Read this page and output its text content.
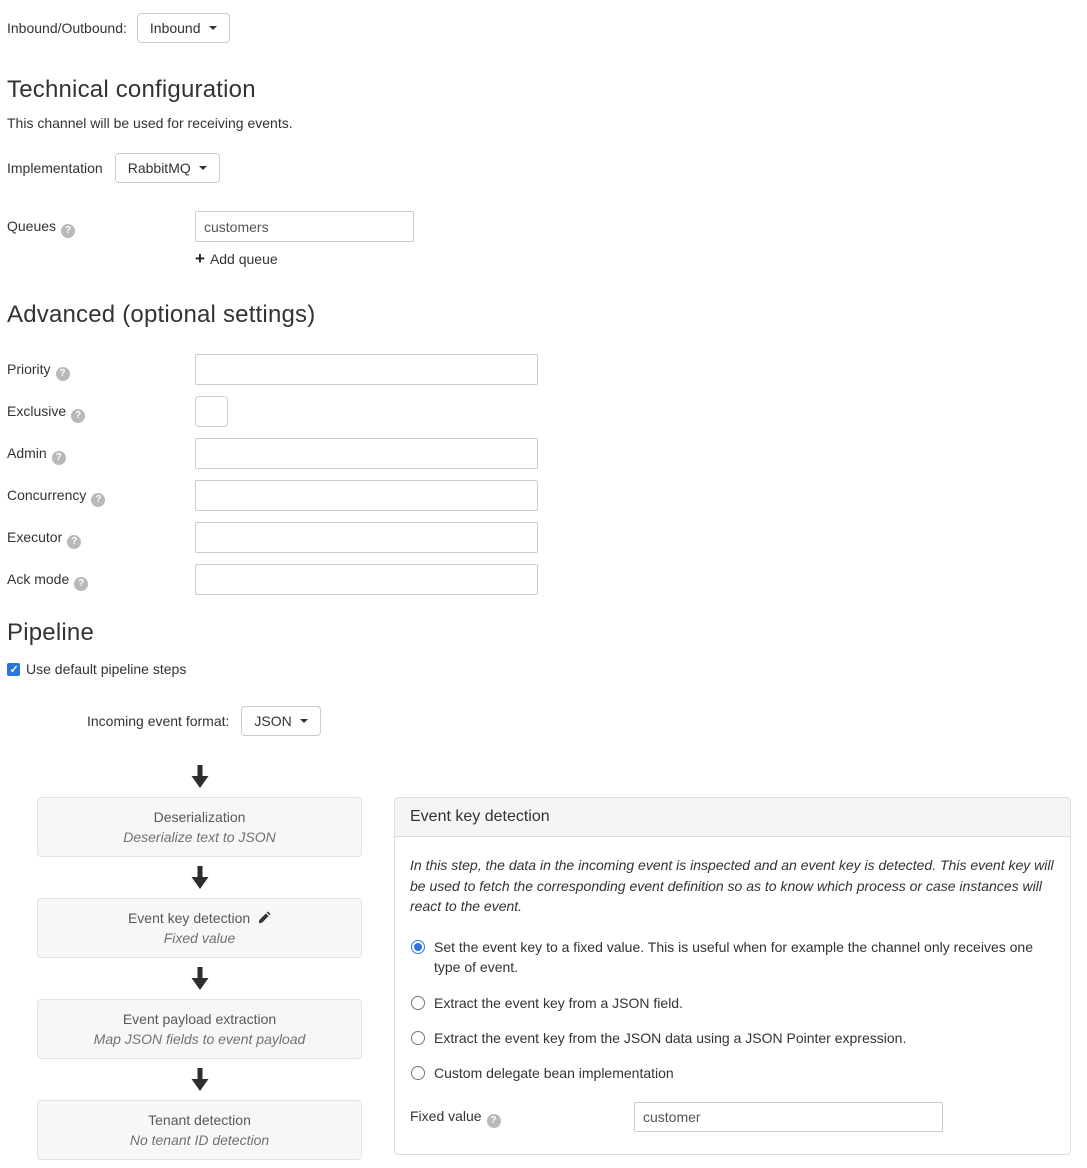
Inbound/Outbound: Inbound
Technical configuration

This channel will be used for receiving events.

Implementation RabbitMQ
Queues ?
customers
+ Add queue
Advanced (optional settings)
Priority ?
Exclusive ?
Admin ?
Concurrency ?
Executor ?
Ack mode ?
Pipeline
✓
Use default pipeline steps
Incoming event format: JSON
Deserialization
Deserialize text to JSON
Event key detection
Fixed value
Event payload extraction
Map JSON fields to event payload
Tenant detection
No tenant ID detection
Event key detection

In this step, the data in the incoming event is inspected and an event key is detected. This event key will be used to fetch the corresponding event definition so as to know which process or case instances will react to the event.

Set the event key to a fixed value. This is useful when for example the channel only receives one type of event.
Extract the event key from a JSON field.
Extract the event key from the JSON data using a JSON Pointer expression.
Custom delegate bean implementation
Fixed value ?
customer
